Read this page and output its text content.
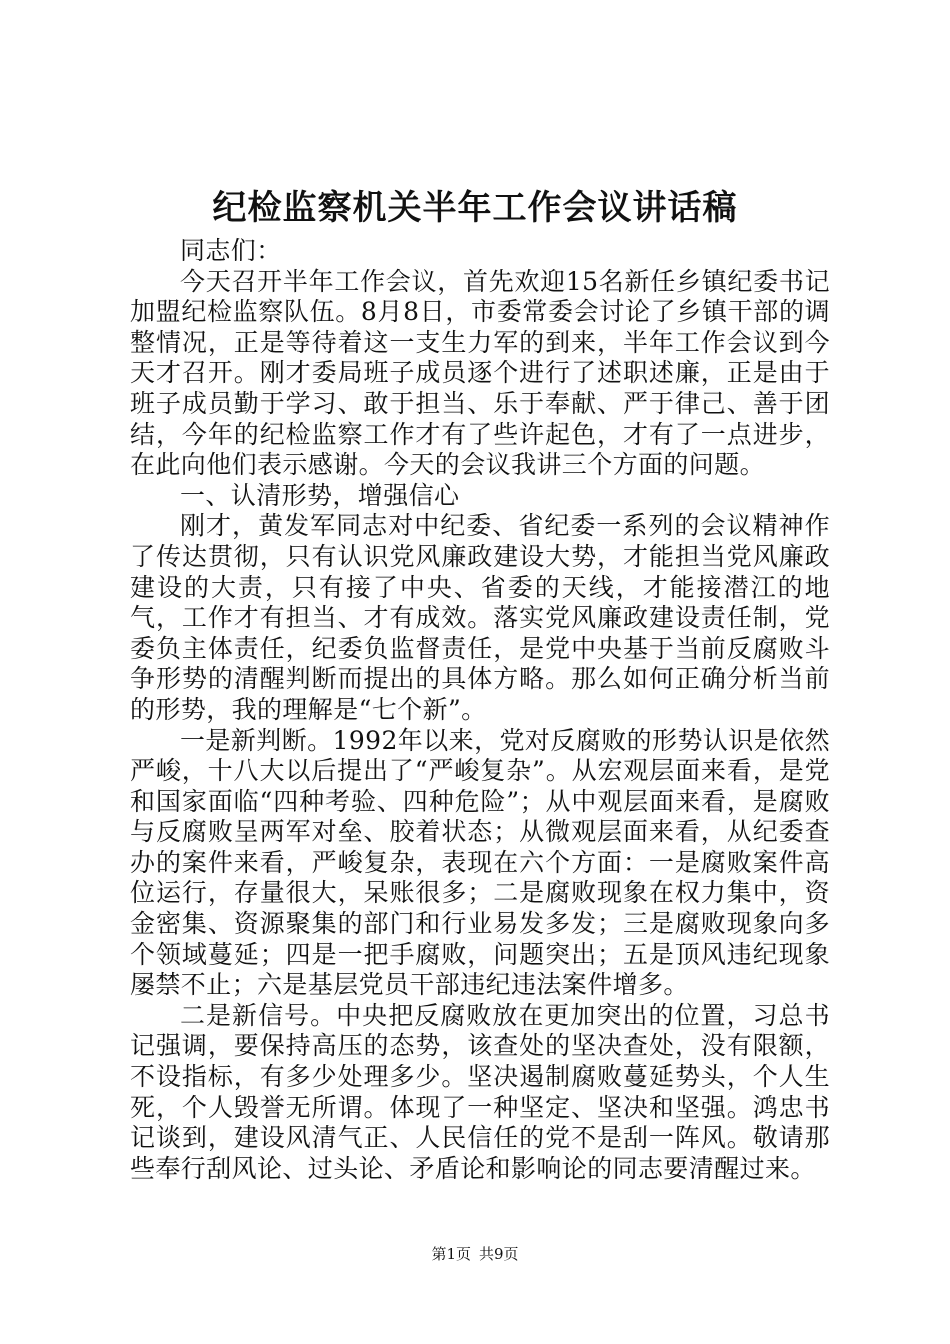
纪检监察机关半年工作会议讲话稿

同志们：

今天召开半年工作会议，首先欢迎15名新任乡镇纪委书记加盟纪检监察队伍。8月8日，市委常委会讨论了乡镇干部的调整情况，正是等待着这一支生力军的到来，半年工作会议到今天才召开。刚才委局班子成员逐个进行了述职述廉，正是由于班子成员勤于学习、敢于担当、乐于奉献、严于律己、善于团结，今年的纪检监察工作才有了些许起色，才有了一点进步，在此向他们表示感谢。今天的会议我讲三个方面的问题。

一、认清形势，增强信心

刚才，黄发军同志对中纪委、省纪委一系列的会议精神作了传达贯彻，只有认识党风廉政建设大势，才能担当党风廉政建设的大责，只有接了中央、省委的天线，才能接潜江的地气，工作才有担当、才有成效。落实党风廉政建设责任制，党委负主体责任，纪委负监督责任，是党中央基于当前反腐败斗争形势的清醒判断而提出的具体方略。那么如何正确分析当前的形势，我的理解是“七个新”。

一是新判断。1992年以来，党对反腐败的形势认识是依然严峻，十八大以后提出了“严峻复杂”。从宏观层面来看，是党和国家面临“四种考验、四种危险”；从中观层面来看，是腐败与反腐败呈两军对垒、胶着状态；从微观层面来看，从纪委查办的案件来看，严峻复杂，表现在六个方面：一是腐败案件高位运行，存量很大，呆账很多；二是腐败现象在权力集中，资金密集、资源聚集的部门和行业易发多发；三是腐败现象向多个领域蔓延；四是一把手腐败，问题突出；五是顶风违纪现象屡禁不止；六是基层党员干部违纪违法案件增多。

二是新信号。中央把反腐败放在更加突出的位置，习总书记强调，要保持高压的态势，该查处的坚决查处，没有限额，不设指标，有多少处理多少。坚决遏制腐败蔓延势头，个人生死，个人毁誉无所谓。体现了一种坚定、坚决和坚强。鸿忠书记谈到，建设风清气正、人民信任的党不是刮一阵风。敬请那些奉行刮风论、过头论、矛盾论和影响论的同志要清醒过来。

第1页 共9页
